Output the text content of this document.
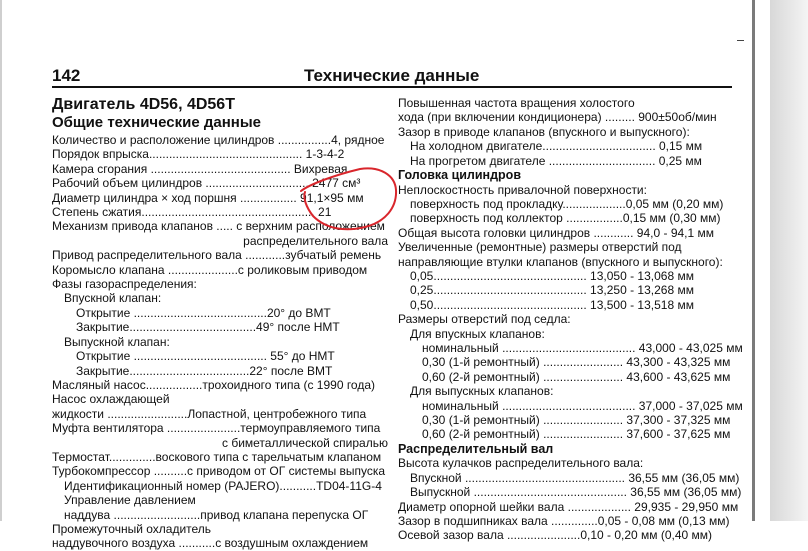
142	Технические данные
Двигатель 4D56, 4D56T
Общие технические данные
Количество и расположение цилиндров ................4, рядное
Порядок впрыска.............................................. 1-3-4-2
Камера сгорания .......................................... Вихревая
Рабочий объем цилиндров ............................... 2477 см³
Диаметр цилиндра × ход поршня ................. 91,1×95 мм
Степень сжатия.................................................... 21
Механизм привода клапанов ..... с верхним расположением
распределительного вала
Привод распределительного вала ............зубчатый ремень
Коромысло клапана .....................с роликовым приводом
Фазы газораспределения:
Впускной клапан:
Открытие ........................................20° до ВМТ
Закрытие......................................49° после НМТ
Выпускной клапан:
Открытие ........................................ 55° до НМТ
Закрытие....................................22° после ВМТ
Масляный насос.................трохоидного типа (с 1990 года)
Насос охлаждающей
жидкости ........................Лопастной, центробежного типа
Муфта вентилятора ......................термоуправляемого типа
с биметаллической спиралью
Термостат..............воскового типа с тарельчатым клапаном
Турбокомпрессор ..........с приводом от ОГ системы выпуска
Идентификационный номер (PAJERO)...........TD04-11G-4
Управление давлением
наддува ..........................привод клапана перепуска ОГ
Промежуточный охладитель
наддувочного воздуха ...........с воздушным охлаждением
Повышенная частота вращения холостого
хода (при включении кондиционера) ......... 900±50об/мин
Зазор в приводе клапанов (впускного и выпускного):
На холодном двигателе.................................. 0,15 мм
На прогретом двигателе ................................ 0,25 мм
Головка цилиндров
Неплоскостность привалочной поверхности:
поверхность под прокладку...................0,05 мм (0,20 мм)
поверхность под коллектор .................0,15 мм (0,30 мм)
Общая высота головки цилиндров ............ 94,0 - 94,1 мм
Увеличенные (ремонтные) размеры отверстий под
направляющие втулки клапанов (впускного и выпускного):
0,05.............................................. 13,050 - 13,068 мм
0,25.............................................. 13,250 - 13,268 мм
0,50.............................................. 13,500 - 13,518 мм
Размеры отверстий под седла:
Для впускных клапанов:
номинальный ........................................ 43,000 - 43,025 мм
0,30 (1-й ремонтный) ........................ 43,300 - 43,325 мм
0,60 (2-й ремонтный) ........................ 43,600 - 43,625 мм
Для выпускных клапанов:
номинальный ........................................ 37,000 - 37,025 мм
0,30 (1-й ремонтный) ........................ 37,300 - 37,325 мм
0,60 (2-й ремонтный) ........................ 37,600 - 37,625 мм
Распределительный вал
Высота кулачков распределительного вала:
Впускной ................................................ 36,55 мм (36,05 мм)
Выпускной .............................................. 36,55 мм (36,05 мм)
Диаметр опорной шейки вала ................... 29,935 - 29,950 мм
Зазор в подшипниках вала ..............0,05 - 0,08 мм (0,13 мм)
Осевой зазор вала ......................0,10 - 0,20 мм (0,40 мм)
